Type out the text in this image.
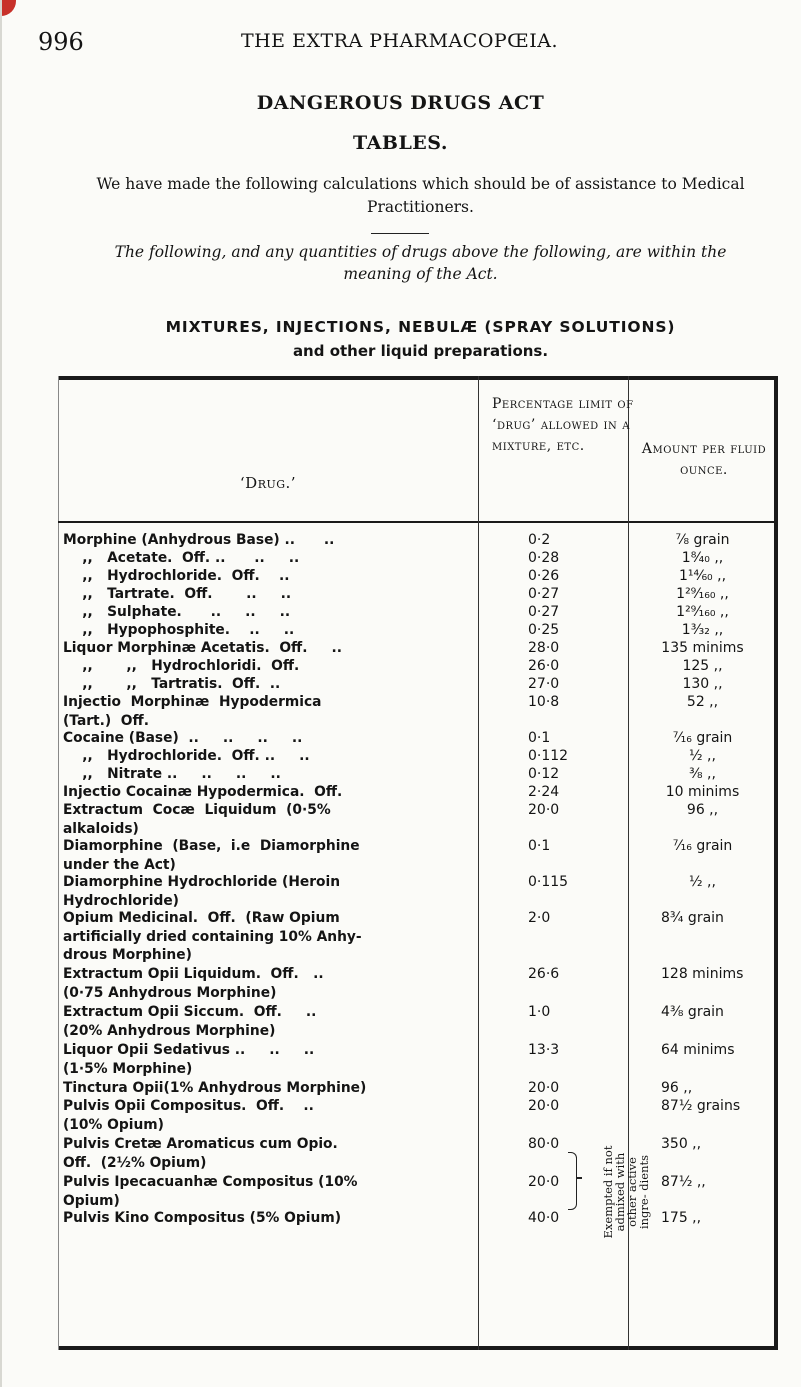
996	THE EXTRA PHARMACOPŒIA.
DANGEROUS DRUGS ACT
TABLES.
We have made the following calculations which should be of assistance to Medical Practitioners.
The following, and any quantities of drugs above the following, are within the meaning of the Act.
MIXTURES, INJECTIONS, NEBULÆ (SPRAY SOLUTIONS)
and other liquid preparations.
‘Drug.’
Percentage limit of ‘drug’ allowed in a mixture, etc.	Amount per fluid ounce.
Exempted if not admixed with other active ingre- dients
Morphine (Anhydrous Base) ..      ..	0·2	⅞ grain
,,   Acetate.  Off. ..      ..     ..	0·28	1⁸⁄₄₀ ,,
,,   Hydrochloride.  Off.    ..	0·26	1¹⁴⁄₆₀ ,,
,,   Tartrate.  Off.       ..     ..	0·27	1²⁹⁄₁₆₀ ,,
,,   Sulphate.      ..     ..     ..	0·27	1²⁹⁄₁₆₀ ,,
,,   Hypophosphite.    ..     ..	0·25	1³⁄₃₂ ,,
Liquor Morphinæ Acetatis.  Off.     ..	28·0	135 minims
,,       ,,   Hydrochloridi.  Off.	26·0	125 ,,
,,       ,,   Tartratis.  Off.  ..	27·0	130 ,,
Injectio  Morphinæ  Hypodermica
(Tart.)  Off.
10·8	52 ,,
Cocaine (Base)  ..     ..     ..     ..	0·1	⁷⁄₁₆ grain
,,   Hydrochloride.  Off. ..     ..	0·112	½ ,,
,,   Nitrate ..     ..     ..     ..	0·12	⅜ ,,
Injectio Cocainæ Hypodermica.  Off.	2·24	10 minims
Extractum  Cocæ  Liquidum  (0·5%
alkaloids)
20·0	96 ,,
Diamorphine  (Base,  i.e  Diamorphine
under the Act)
0·1	⁷⁄₁₆ grain
Diamorphine Hydrochloride (Heroin
Hydrochloride)
0·115	½ ,,
Opium Medicinal.  Off.  (Raw Opium
artificially dried containing 10% Anhy-
drous Morphine)
2·0	8¾ grain
Extractum Opii Liquidum.  Off.   ..
(0·75 Anhydrous Morphine)
26·6	128 minims
Extractum Opii Siccum.  Off.     ..
(20% Anhydrous Morphine)
1·0	4⅜ grain
Liquor Opii Sedativus ..     ..     ..
(1·5% Morphine)
13·3	64 minims
Tinctura Opii(1% Anhydrous Morphine)	20·0	96 ,,
Pulvis Opii Compositus.  Off.    ..
(10% Opium)
20·0	87½ grains
Pulvis Cretæ Aromaticus cum Opio.
Off.  (2½% Opium)
80·0	350 ,,
Pulvis Ipecacuanhæ Compositus (10%
Opium)
20·0	87½ ,,
Pulvis Kino Compositus (5% Opium)	40·0	175 ,,
